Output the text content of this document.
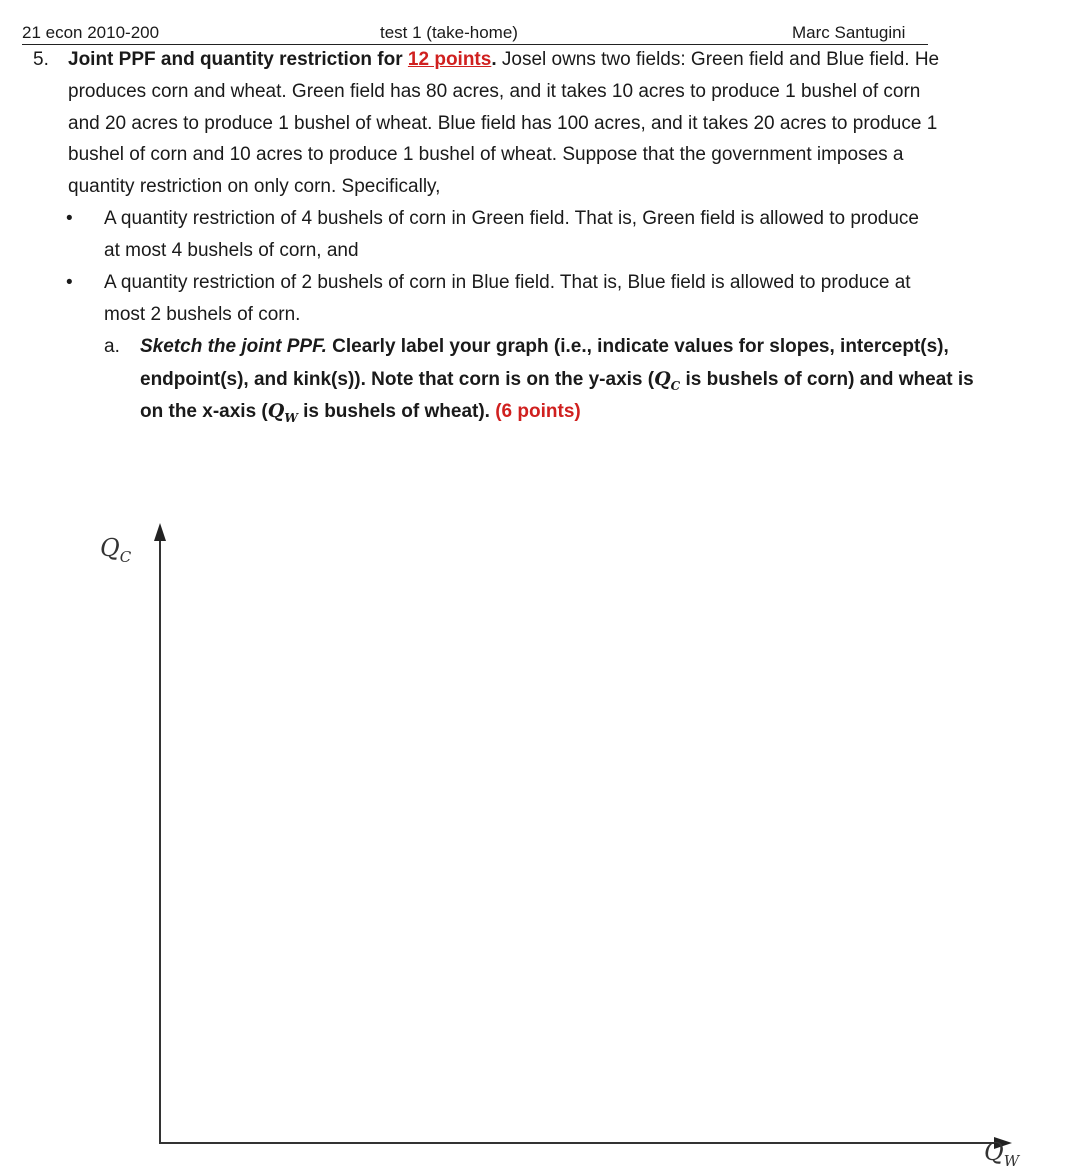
21 econ 2010-200	test 1 (take-home)	Marc Santugini
5. Joint PPF and quantity restriction for 12 points. Josel owns two fields: Green field and Blue field. He
produces corn and wheat. Green field has 80 acres, and it takes 10 acres to produce 1 bushel of corn
and 20 acres to produce 1 bushel of wheat. Blue field has 100 acres, and it takes 20 acres to produce 1
bushel of corn and 10 acres to produce 1 bushel of wheat. Suppose that the government imposes a
quantity restriction on only corn. Specifically,
• A quantity restriction of 4 bushels of corn in Green field. That is, Green field is allowed to produce
at most 4 bushels of corn, and
• A quantity restriction of 2 bushels of corn in Blue field. That is, Blue field is allowed to produce at
most 2 bushels of corn.
a. Sketch the joint PPF. Clearly label your graph (i.e., indicate values for slopes, intercept(s),
endpoint(s), and kink(s)). Note that corn is on the y-axis ($Q_C$ is bushels of corn) and wheat is
on the x-axis ($Q_W$ is bushels of wheat). (6 points)
$Q_C$
$Q_W$
